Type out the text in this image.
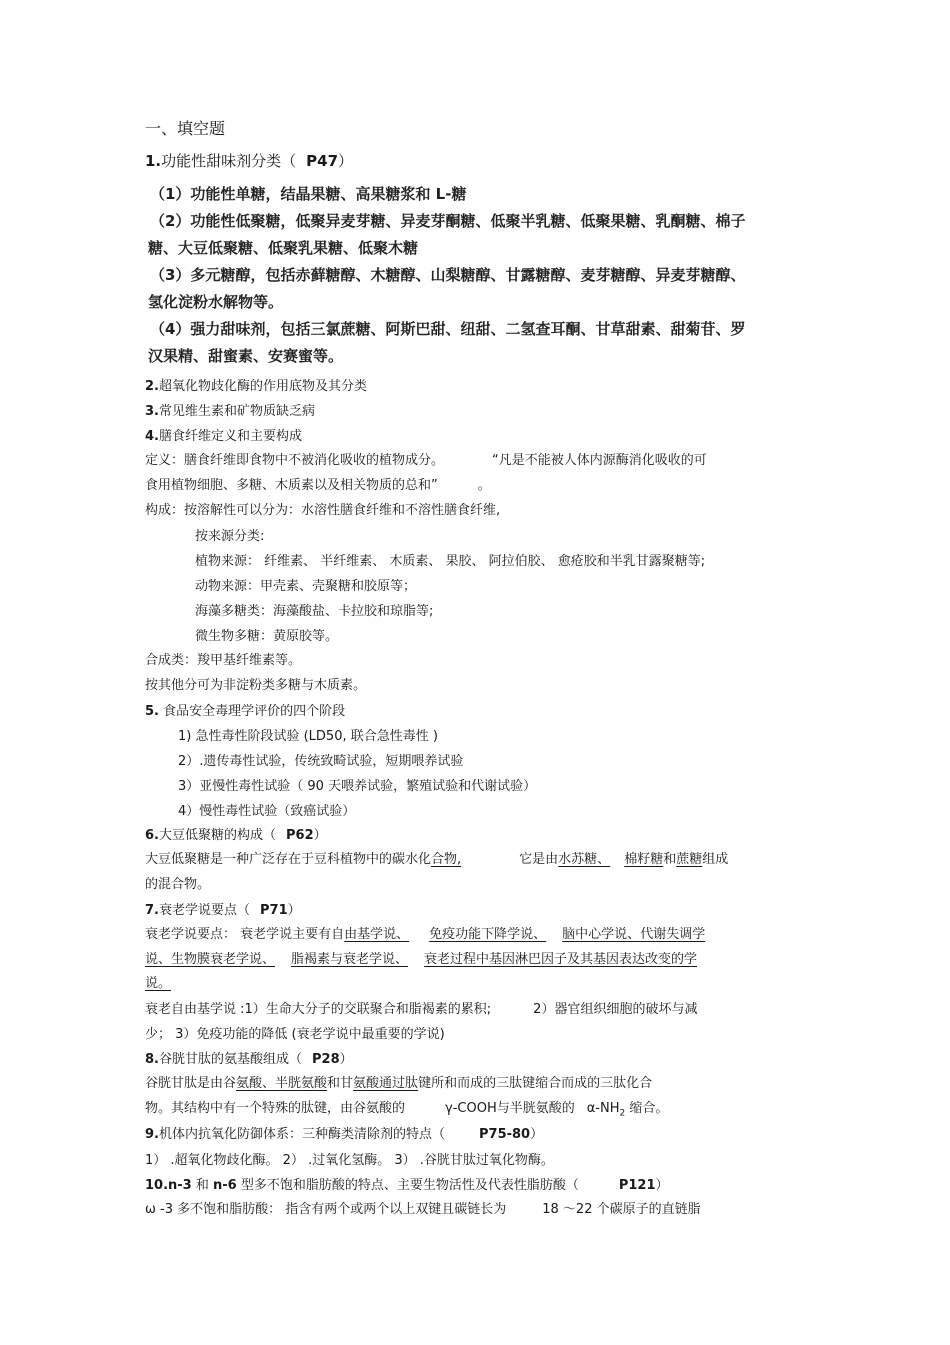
一、填空题
1.功能性甜味剂分类（ P47）
（1）功能性单糖，结晶果糖、高果糖浆和 L-糖
（2）功能性低聚糖，低聚异麦芽糖、异麦芽酮糖、低聚半乳糖、低聚果糖、乳酮糖、棉子
糖、大豆低聚糖、低聚乳果糖、低聚木糖
（3）多元糖醇，包括赤藓糖醇、木糖醇、山梨糖醇、甘露糖醇、麦芽糖醇、异麦芽糖醇、
氢化淀粉水解物等。
（4）强力甜味剂，包括三氯蔗糖、阿斯巴甜、纽甜、二氢查耳酮、甘草甜素、甜菊苷、罗
汉果精、甜蜜素、安赛蜜等。
2.超氧化物歧化酶的作用底物及其分类
3.常见维生素和矿物质缺乏病
4.膳食纤维定义和主要构成
定义：膳食纤维即食物中不被消化吸收的植物成分。	“凡是不能被人体内源酶消化吸收的可
食用植物细胞、多糖、木质素以及相关物质的总和”	。
构成：按溶解性可以分为：水溶性膳食纤维和不溶性膳食纤维,
按来源分类:
植物来源： 纤维素、 半纤维素、 木质素、 果胶、 阿拉伯胶、 愈疮胶和半乳甘露聚糖等;
动物来源：甲壳素、壳聚糖和胶原等；
海藻多糖类：海藻酸盐、卡拉胶和琼脂等;
微生物多糖：黄原胶等。
合成类：羧甲基纤维素等。
按其他分可为非淀粉类多糖与木质素。
5. 食品安全毒理学评价的四个阶段
1) 急性毒性阶段试验 (LD50, 联合急性毒性 )
2）.遗传毒性试验，传统致畸试验，短期喂养试验
3）亚慢性毒性试验（ 90 天喂养试验，繁殖试验和代谢试验）
4）慢性毒性试验（致癌试验）
6.大豆低聚糖的构成（ P62）
大豆低聚糖是一种广泛存在于豆科植物中的碳水化合物,	它是由水苏糖、 棉籽糖和蔗糖组成
的混合物。
7.衰老学说要点（ P71）
衰老学说要点： 衰老学说主要有自由基学说、 免疫功能下降学说、 脑中心学说、代谢失调学
说、生物膜衰老学说、 脂褐素与衰老学说、 衰老过程中基因淋巴因子及其基因表达改变的学
说。
衰老自由基学说 :1）生命大分子的交联聚合和脂褐素的累积;	2）器官组织细胞的破坏与减
少； 3）免疫功能的降低 (衰老学说中最重要的学说)
8.谷胱甘肽的氨基酸组成（ P28）
谷胱甘肽是由谷氨酸、半胱氨酸和甘氨酸通过肽键所和而成的三肽键缩合而成的三肽化合
物。其结构中有一个特殊的肽键，由谷氨酸的	γ-COOH与半胱氨酸的 $\alpha-NH_2$ 缩合。
9.机体内抗氧化防御体系：三种酶类清除剂的特点（	P75-80）
1） .超氧化物歧化酶。 2） .过氧化氢酶。 3） .谷胱甘肽过氧化物酶。
10.n-3 和 n-6 型多不饱和脂肪酸的特点、主要生物活性及代表性脂肪酸（	P121）
ω -3 多不饱和脂肪酸： 指含有两个或两个以上双键且碳链长为	18 ～22 个碳原子的直链脂
